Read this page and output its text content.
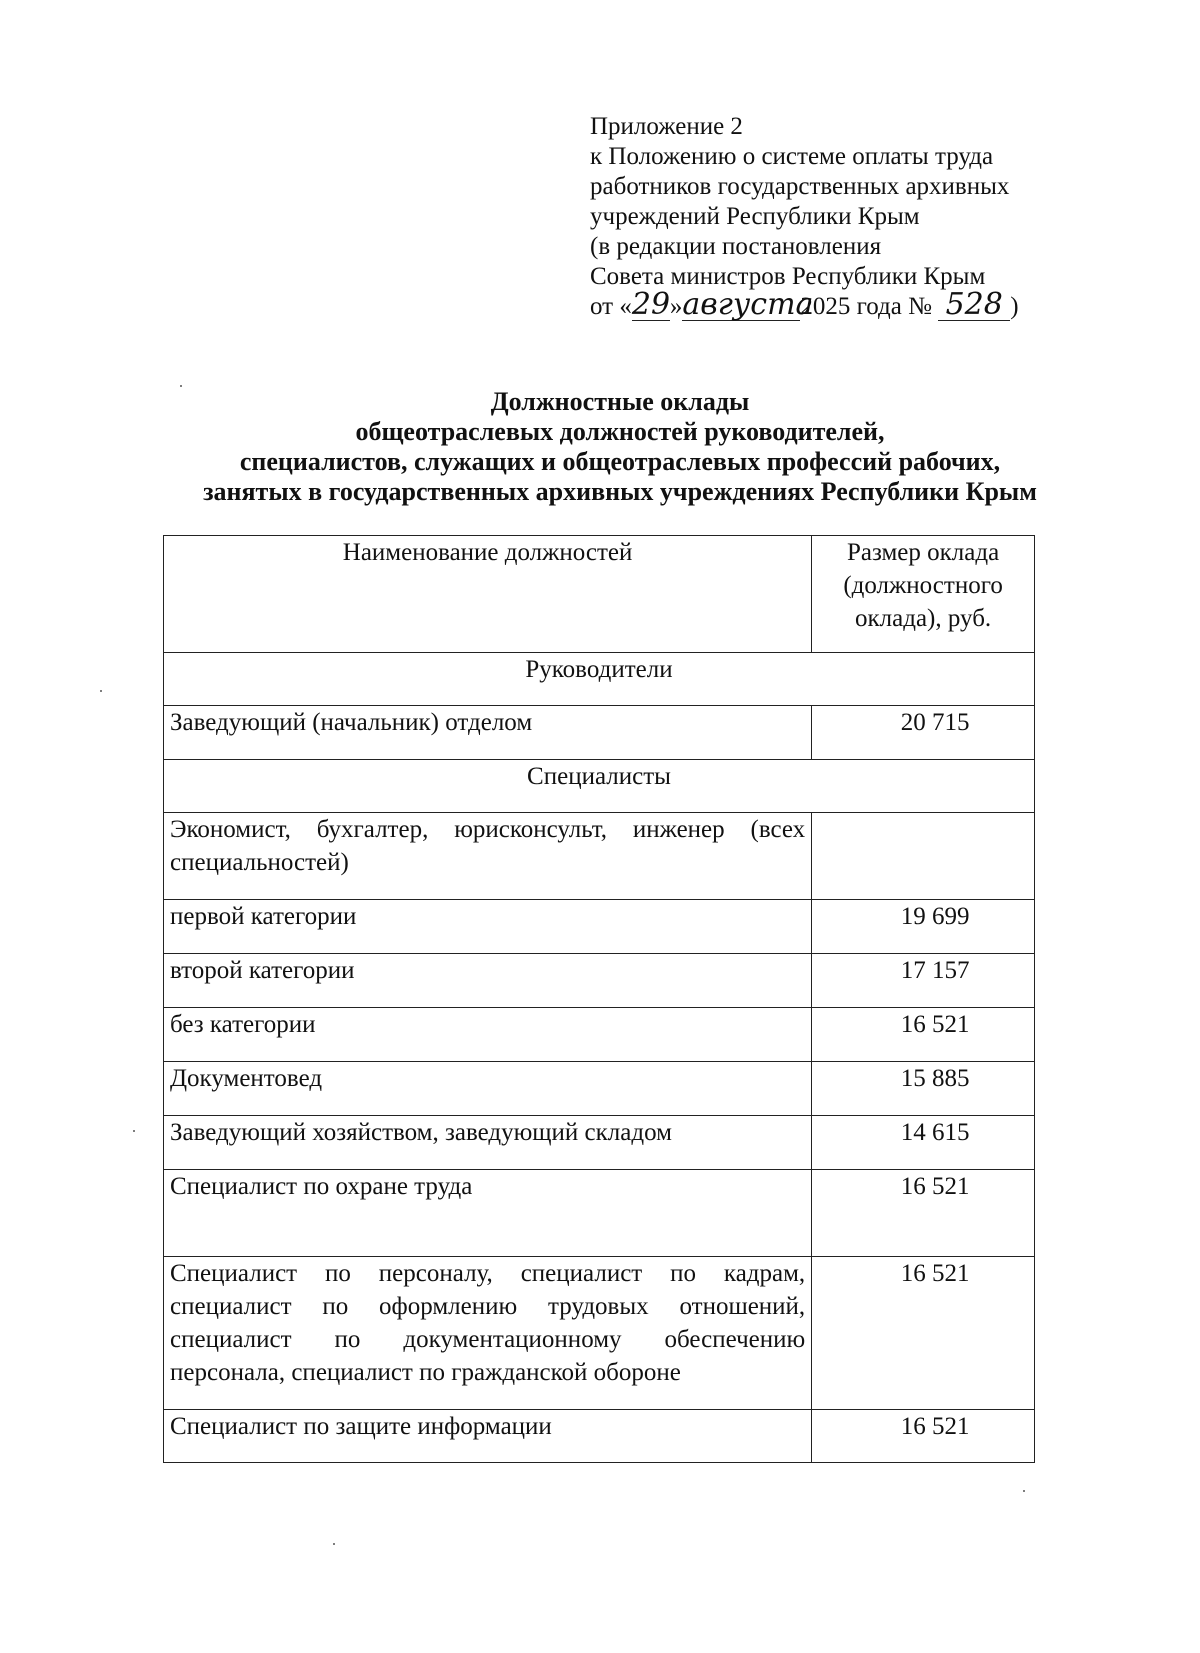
Приложение 2
к Положению о системе оплаты труда
работников государственных архивных
учреждений Республики Крым
(в редакции постановления
Совета министров Республики Крым
от «29»августа2025 года № 528 )
Должностные оклады
общеотраслевых должностей руководителей,
специалистов, служащих и общеотраслевых профессий рабочих,
занятых в государственных архивных учреждениях Республики Крым
Наименование должностей	Размер оклада (должностного оклада), руб.
Руководители	
Заведующий (начальник) отделом	20 715
Специалисты	
Экономист, бухгалтер, юрисконсульт, инженер (всех специальностей)	
первой категории	19 699
второй категории	17 157
без категории	16 521
Документовед	15 885
Заведующий хозяйством, заведующий складом	14 615
Специалист по охране труда	16 521
Специалист по персоналу, специалист по кадрам, специалист по оформлению трудовых отношений, специалист по документационному обеспечению персонала, специалист по гражданской обороне	16 521
Специалист по защите информации	16 521
